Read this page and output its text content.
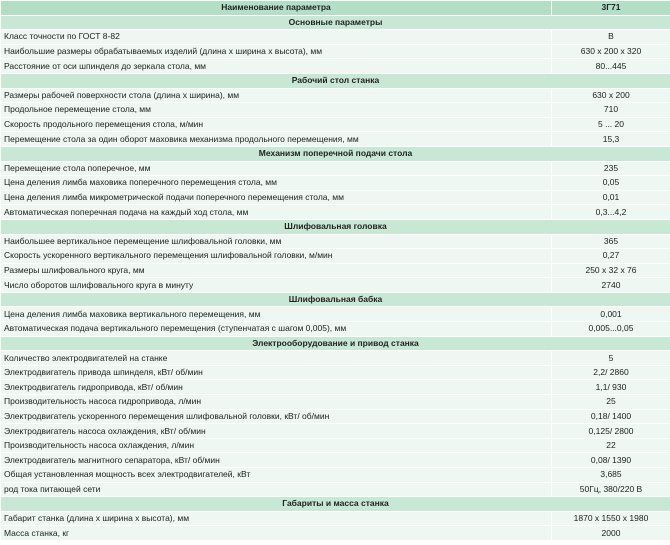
Наименование параметра	3Г71
Основные параметры	
Класс точности по ГОСТ 8-82	В
Наибольшие размеры обрабатываемых изделий (длина х ширина х высота), мм	630 х 200 х 320
Расстояние от оси шпинделя до зеркала стола, мм	80...445
Рабочий стол станка	
Размеры рабочей поверхности стола (длина х ширина), мм	630 х 200
Продольное перемещение стола, мм	710
Скорость продольного перемещения стола, м/мин	5 ... 20
Перемещение стола за один оборот маховика механизма продольного перемещения, мм	15,3
Механизм поперечной подачи стола	
Перемещение стола поперечное, мм	235
Цена деления лимба маховика поперечного перемещения стола, мм	0,05
Цена деления лимба микрометрической подачи поперечного перемещения стола, мм	0,01
Автоматическая поперечная подача на каждый ход стола, мм	0,3...4,2
Шлифовальная головка	
Наибольшее вертикальное перемещение шлифовальной головки, мм	365
Скорость ускоренного вертикального перемещения шлифовальной головки, м/мин	0,27
Размеры шлифовального круга, мм	250 х 32 х 76
Число оборотов шлифовального круга в минуту	2740
Шлифовальная бабка	
Цена деления лимба маховика вертикального перемещения, мм	0,001
Автоматическая подача вертикального перемещения (ступенчатая с шагом 0,005), мм	0,005...0,05
Электрооборудование и привод станка	
Количество электродвигателей на станке	5
Электродвигатель привода шпинделя, кВт/ об/мин	2,2/ 2860
Электродвигатель гидропривода, кВт/ об/мин	1,1/ 930
Производительность насоса гидропривода, л/мин	25
Электродвигатель ускоренного перемещения шлифовальной головки, кВт/ об/мин	0,18/ 1400
Электродвигатель насоса охлаждения, кВт/ об/мин	0,125/ 2800
Производительность насоса охлаждения, л/мин	22
Электродвигатель магнитного сепаратора, кВт/ об/мин	0,08/ 1390
Общая установленная мощность всех электродвигателей, кВт	3,685
род тока питающей сети	50Гц, 380/220 В
Габариты и масса станка	
Габарит станка (длина х ширина х высота), мм	1870 х 1550 х 1980
Масса станка, кг	2000
